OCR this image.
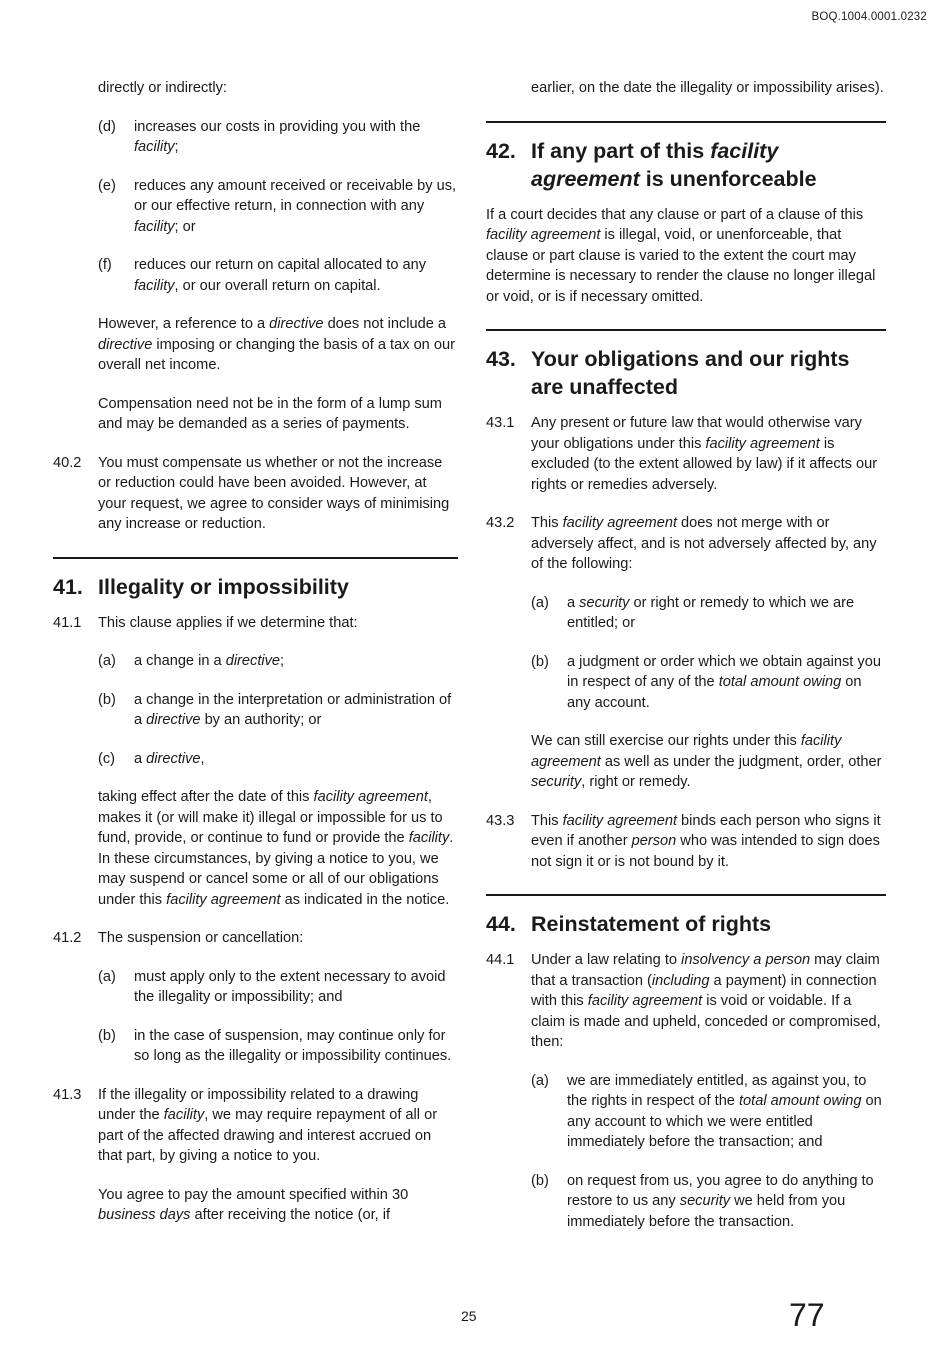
BOQ.1004.0001.0232

directly or indirectly:

(d)	increases our costs in providing you with the facility;
(e)	reduces any amount received or receivable by us, or our effective return, in connection with any facility; or
(f)	reduces our return on capital allocated to any facility, or our overall return on capital.

However, a reference to a directive does not include a directive imposing or changing the basis of a tax on our overall net income.

Compensation need not be in the form of a lump sum and may be demanded as a series of payments.

40.2	You must compensate us whether or not the increase or reduction could have been avoided. However, at your request, we agree to consider ways of minimising any increase or reduction.
41. Illegality or impossibility
41.1	This clause applies if we determine that:
(a)	a change in a directive;
(b)	a change in the interpretation or administration of a directive by an authority; or
(c)	a directive,

taking effect after the date of this facility agreement, makes it (or will make it) illegal or impossible for us to fund, provide, or continue to fund or provide the facility. In these circumstances, by giving a notice to you, we may suspend or cancel some or all of our obligations under this facility agreement as indicated in the notice.

41.2	The suspension or cancellation:
(a)	must apply only to the extent necessary to avoid the illegality or impossibility; and
(b)	in the case of suspension, may continue only for so long as the illegality or impossibility continues.
41.3	If the illegality or impossibility related to a drawing under the facility, we may require repayment of all or part of the affected drawing and interest accrued on that part, by giving a notice to you.

You agree to pay the amount specified within 30 business days after receiving the notice (or, if

earlier, on the date the illegality or impossibility arises).

42. If any part of this facility agreement is unenforceable

If a court decides that any clause or part of a clause of this facility agreement is illegal, void, or unenforceable, that clause or part clause is varied to the extent the court may determine is necessary to render the clause no longer illegal or void, or is if necessary omitted.

43. Your obligations and our rights are unaffected
43.1	Any present or future law that would otherwise vary your obligations under this facility agreement is excluded (to the extent allowed by law) if it affects our rights or remedies adversely.
43.2	This facility agreement does not merge with or adversely affect, and is not adversely affected by, any of the following:
(a)	a security or right or remedy to which we are entitled; or
(b)	a judgment or order which we obtain against you in respect of any of the total amount owing on any account.

We can still exercise our rights under this facility agreement as well as under the judgment, order, other security, right or remedy.

43.3	This facility agreement binds each person who signs it even if another person who was intended to sign does not sign it or is not bound by it.
44. Reinstatement of rights
44.1	Under a law relating to insolvency a person may claim that a transaction (including a payment) in connection with this facility agreement is void or voidable. If a claim is made and upheld, conceded or compromised, then:
(a)	we are immediately entitled, as against you, to the rights in respect of the total amount owing on any account to which we were entitled immediately before the transaction; and
(b)	on request from us, you agree to do anything to restore to us any security we held from you immediately before the transaction.
25	77
